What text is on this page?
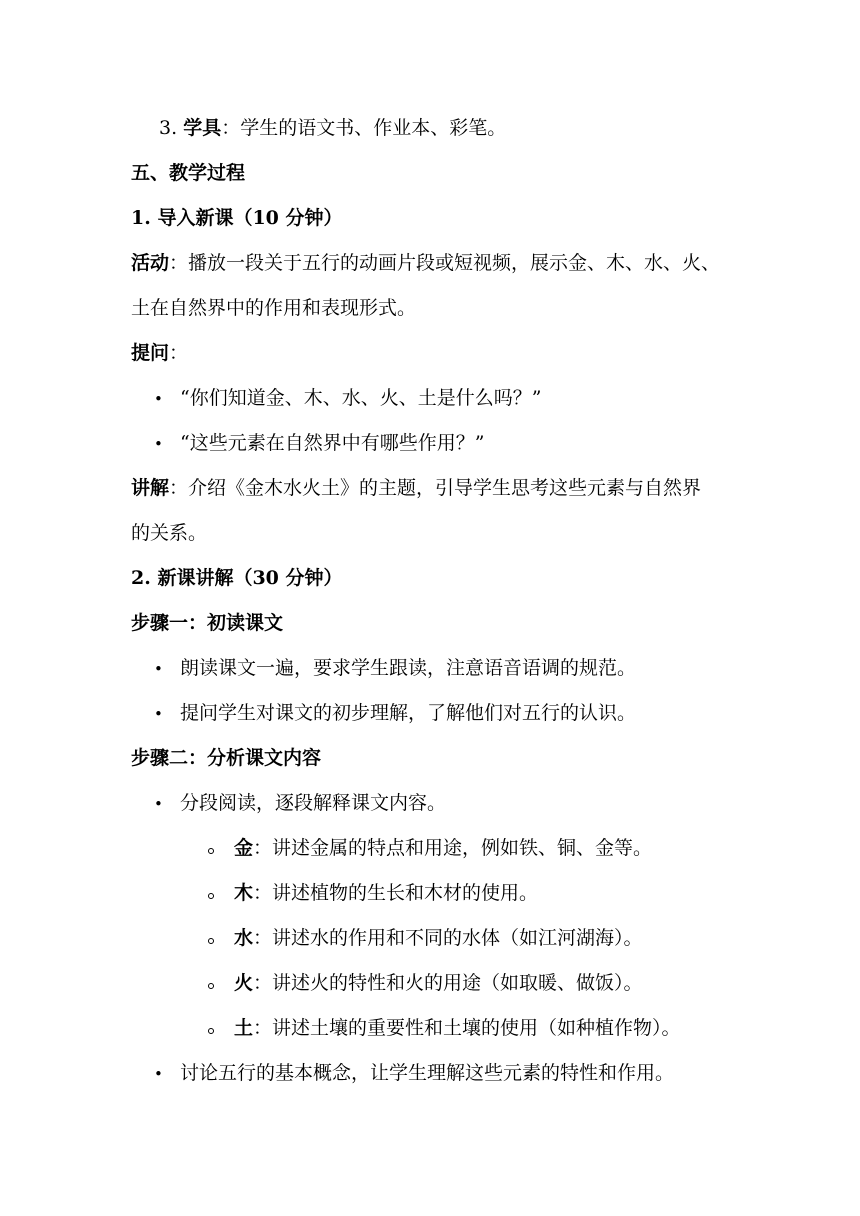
3. 学具：学生的语文书、作业本、彩笔。
五、教学过程
1. 导入新课（10 分钟）
活动：播放一段关于五行的动画片段或短视频，展示金、木、水、火、
土在自然界中的作用和表现形式。
提问：
• “你们知道金、木、水、火、土是什么吗？”
• “这些元素在自然界中有哪些作用？”
讲解：介绍《金木水火土》的主题，引导学生思考这些元素与自然界
的关系。
2. 新课讲解（30 分钟）
步骤一：初读课文
• 朗读课文一遍，要求学生跟读，注意语音语调的规范。
• 提问学生对课文的初步理解，了解他们对五行的认识。
步骤二：分析课文内容
• 分段阅读，逐段解释课文内容。
金：讲述金属的特点和用途，例如铁、铜、金等。
木：讲述植物的生长和木材的使用。
水：讲述水的作用和不同的水体（如江河湖海）。
火：讲述火的特性和火的用途（如取暖、做饭）。
土：讲述土壤的重要性和土壤的使用（如种植作物）。
• 讨论五行的基本概念，让学生理解这些元素的特性和作用。
